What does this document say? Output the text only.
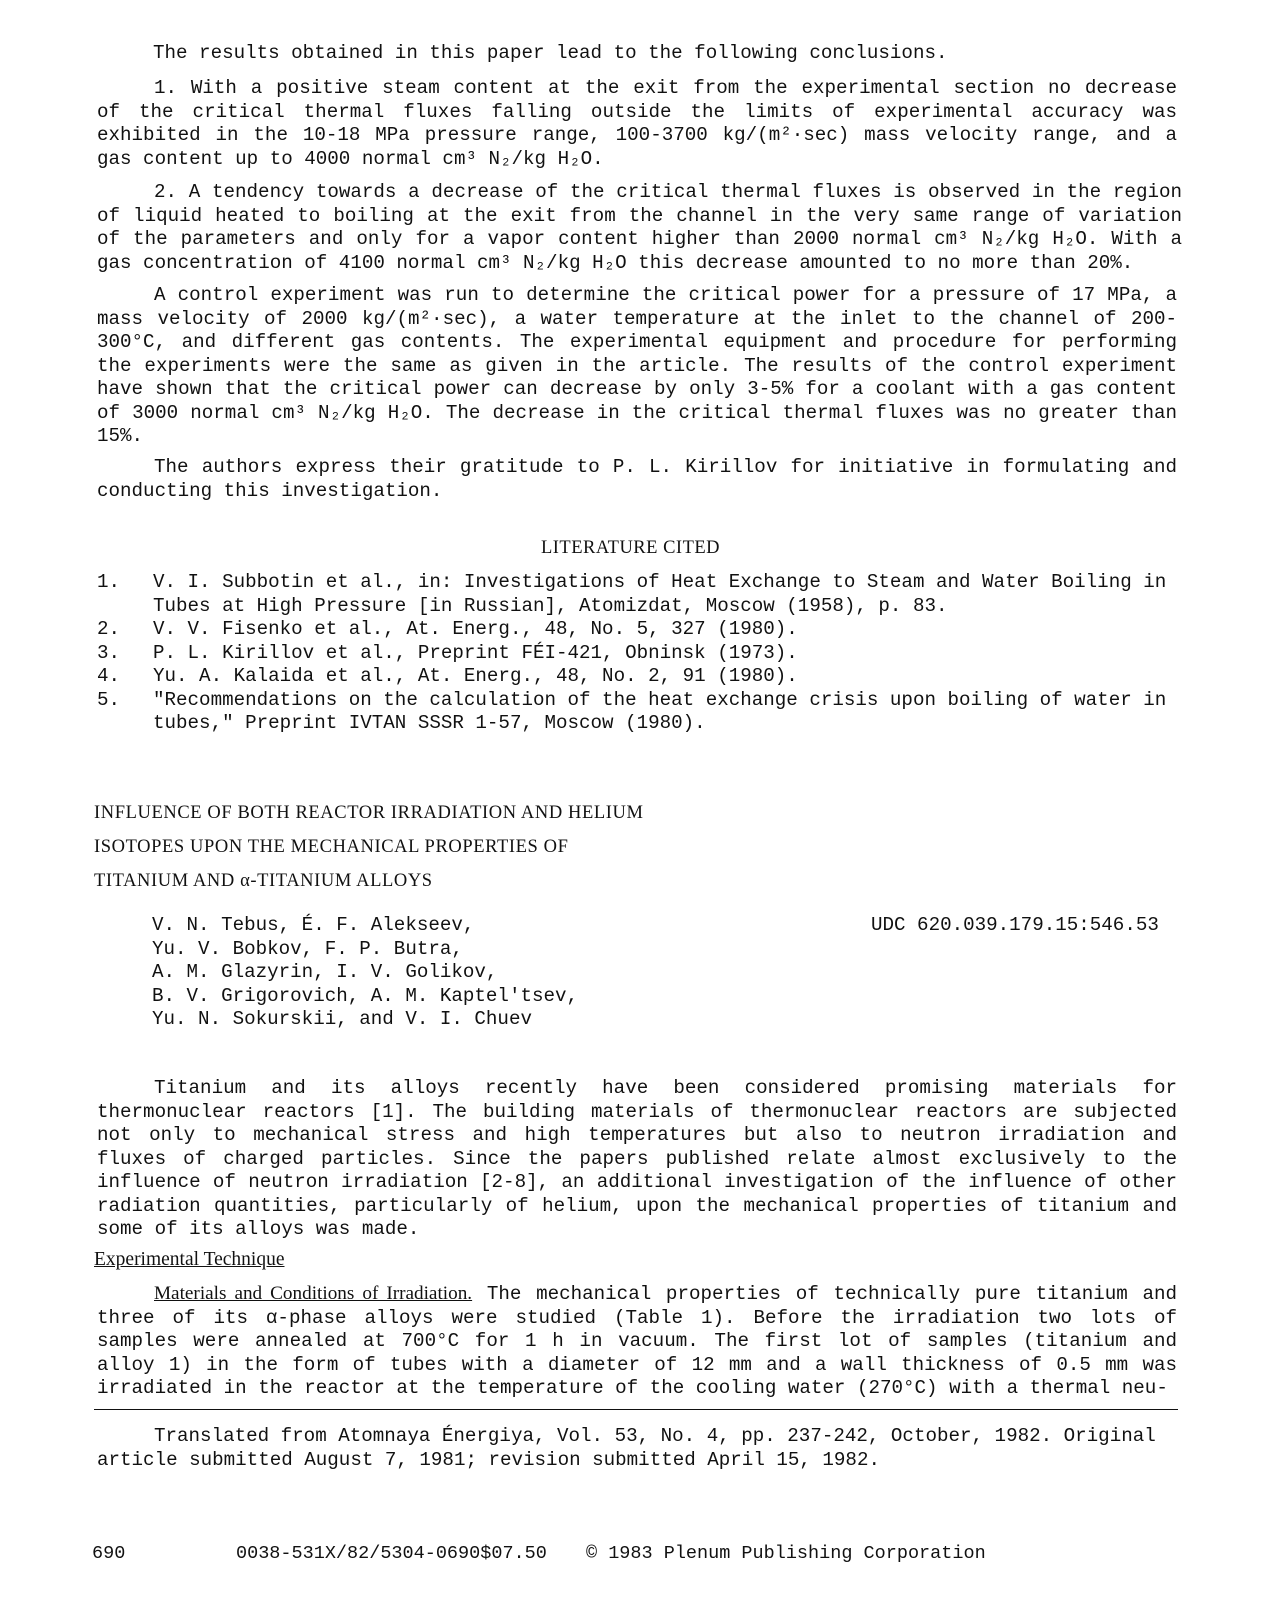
The results obtained in this paper lead to the following conclusions.

1. With a positive steam content at the exit from the experimental section no decrease of the critical thermal fluxes falling outside the limits of experimental accuracy was exhibited in the 10-18 MPa pressure range, 100-3700 kg/(m²·sec) mass velocity range, and a gas content up to 4000 normal cm³ N₂/kg H₂O.

2. A tendency towards a decrease of the critical thermal fluxes is observed in the region of liquid heated to boiling at the exit from the channel in the very same range of variation of the parameters and only for a vapor content higher than 2000 normal cm³ N₂/kg H₂O. With a gas concentration of 4100 normal cm³ N₂/kg H₂O this decrease amounted to no more than 20%.

A control experiment was run to determine the critical power for a pressure of 17 MPa, a mass velocity of 2000 kg/(m²·sec), a water temperature at the inlet to the channel of 200-300°C, and different gas contents. The experimental equipment and procedure for performing the experiments were the same as given in the article. The results of the control experiment have shown that the critical power can decrease by only 3-5% for a coolant with a gas content of 3000 normal cm³ N₂/kg H₂O. The decrease in the critical thermal fluxes was no greater than 15%.

The authors express their gratitude to P. L. Kirillov for initiative in formulating and conducting this investigation.

LITERATURE CITED
1. V. I. Subbotin et al., in: Investigations of Heat Exchange to Steam and Water Boiling in Tubes at High Pressure [in Russian], Atomizdat, Moscow (1958), p. 83.
2. V. V. Fisenko et al., At. Energ., 48, No. 5, 327 (1980).
3. P. L. Kirillov et al., Preprint FÉI-421, Obninsk (1973).
4. Yu. A. Kalaida et al., At. Energ., 48, No. 2, 91 (1980).
5. "Recommendations on the calculation of the heat exchange crisis upon boiling of water in tubes," Preprint IVTAN SSSR 1-57, Moscow (1980).
INFLUENCE OF BOTH REACTOR IRRADIATION AND HELIUM
ISOTOPES UPON THE MECHANICAL PROPERTIES OF
TITANIUM AND α-TITANIUM ALLOYS
V. N. Tebus, É. F. Alekseev,
Yu. V. Bobkov, F. P. Butra,
A. M. Glazyrin, I. V. Golikov,
B. V. Grigorovich, A. M. Kaptel'tsev,
Yu. N. Sokurskii, and V. I. Chuev
UDC 620.039.179.15:546.53

Titanium and its alloys recently have been considered promising materials for thermonuclear reactors [1]. The building materials of thermonuclear reactors are subjected not only to mechanical stress and high temperatures but also to neutron irradiation and fluxes of charged particles. Since the papers published relate almost exclusively to the influence of neutron irradiation [2-8], an additional investigation of the influence of other radiation quantities, particularly of helium, upon the mechanical properties of titanium and some of its alloys was made.

Experimental Technique

Materials and Conditions of Irradiation. The mechanical properties of technically pure titanium and three of its α-phase alloys were studied (Table 1). Before the irradiation two lots of samples were annealed at 700°C for 1 h in vacuum. The first lot of samples (titanium and alloy 1) in the form of tubes with a diameter of 12 mm and a wall thickness of 0.5 mm was irradiated in the reactor at the temperature of the cooling water (270°C) with a thermal neu-

Translated from Atomnaya Énergiya, Vol. 53, No. 4, pp. 237-242, October, 1982. Original article submitted August 7, 1981; revision submitted April 15, 1982.

690	0038-531X/82/5304-0690$07.50 © 1983 Plenum Publishing Corporation
